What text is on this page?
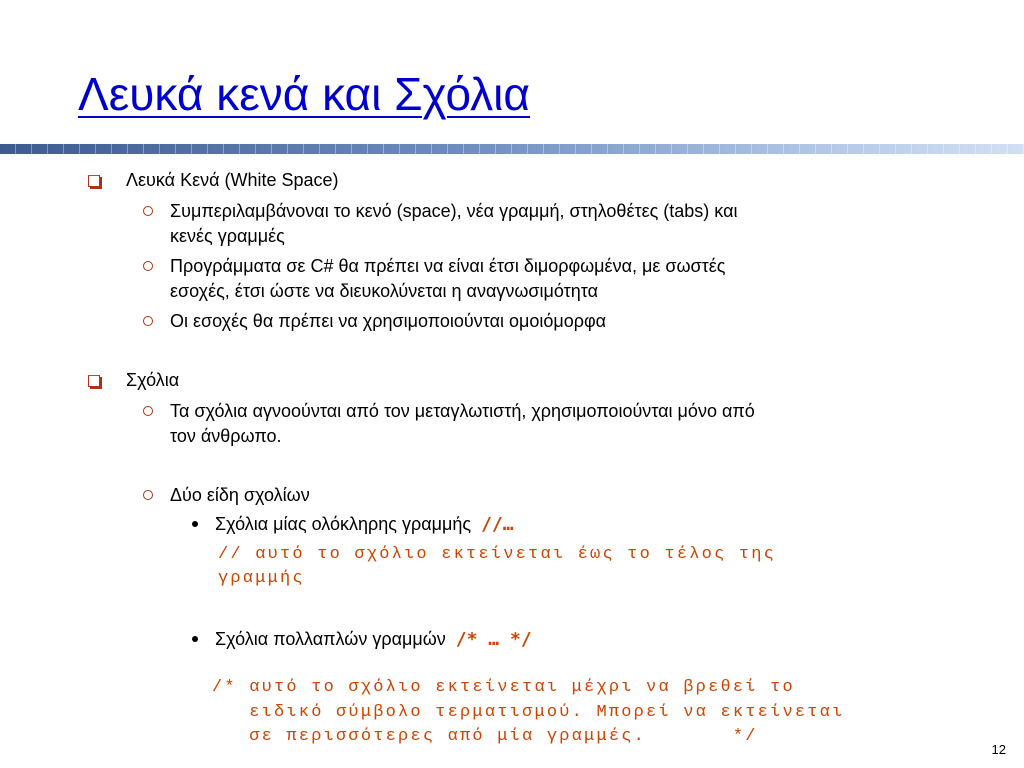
Λευκά κενά και Σχόλια
Λευκά Κενά (White Space)
Συμπεριλαμβάνοναι το κενό (space), νέα γραμμή, στηλοθέτες (tabs) και
κενές γραμμές
Προγράμματα σε C# θα πρέπει να είναι έτσι διμορφωμένα, με σωστές
εσοχές, έτσι ώστε να διευκολύνεται η αναγνωσιμότητα
Οι εσοχές θα πρέπει να χρησιμοποιούνται ομοιόμορφα
Σχόλια
Τα σχόλια αγνοούνται από τον μεταγλωτιστή, χρησιμοποιούνται μόνο από
τον άνθρωπο.
Δύο είδη σχολίων
Σχόλια μίας ολόκληρης γραμμής //…
// αυτό το σχόλιο εκτείνεται έως το τέλος της
γραμμής
Σχόλια πολλαπλών γραμμών /* … */
/* αυτό το σχόλιο εκτείνεται μέχρι να βρεθεί το
ειδικό σύμβολο τερματισμού. Μπορεί να εκτείνεται
σε περισσότερες από μία γραμμές.       */
12
